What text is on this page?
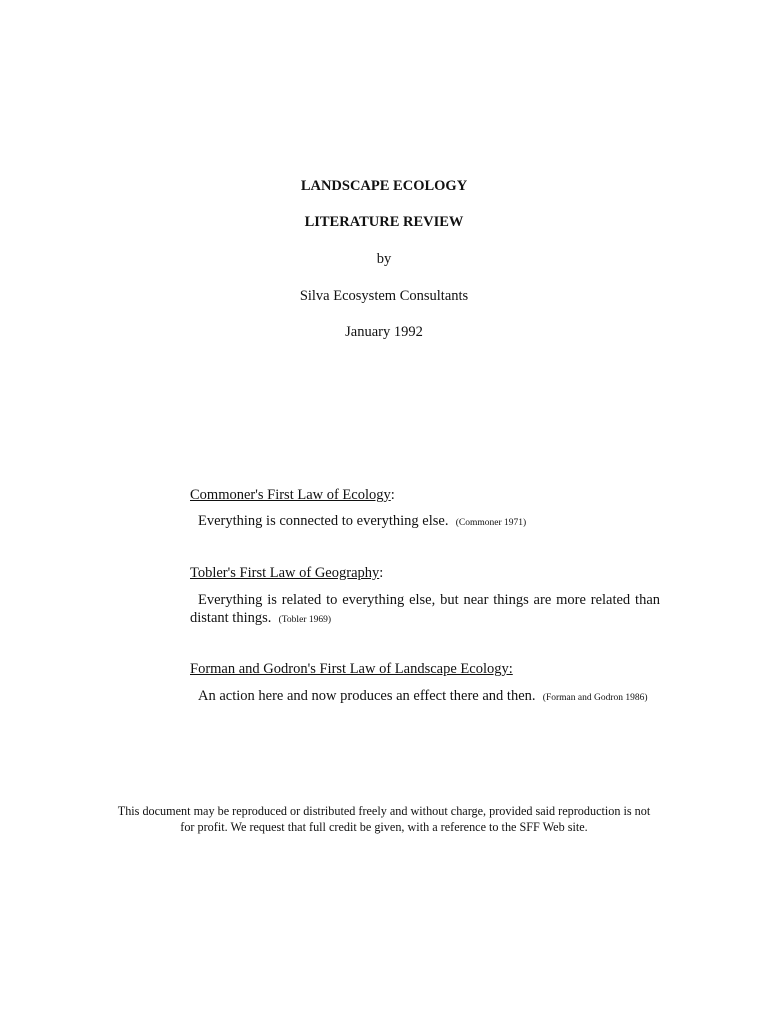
LANDSCAPE ECOLOGY
LITERATURE REVIEW
by
Silva Ecosystem Consultants
January 1992
Commoner's First Law of Ecology:
Everything is connected to everything else. (Commoner 1971)
Tobler's First Law of Geography:
Everything is related to everything else, but near things are more related than distant things. (Tobler 1969)
Forman and Godron's First Law of Landscape Ecology:
An action here and now produces an effect there and then. (Forman and Godron 1986)
This document may be reproduced or distributed freely and without charge, provided said reproduction is not
for profit. We request that full credit be given, with a reference to the SFF Web site.
